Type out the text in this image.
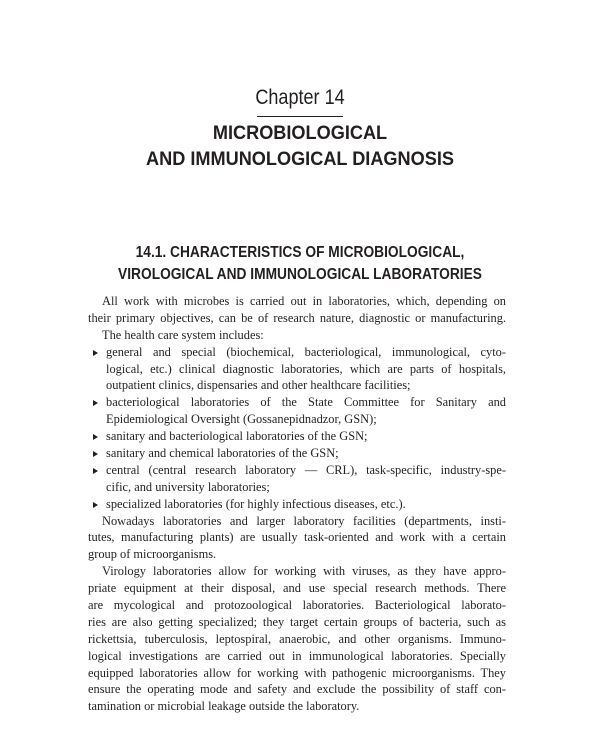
Chapter 14
MICROBIOLOGICAL
AND IMMUNOLOGICAL DIAGNOSIS
14.1. CHARACTERISTICS OF MICROBIOLOGICAL,
VIROLOGICAL AND IMMUNOLOGICAL LABORATORIES
All work with microbes is carried out in laboratories, which, depending on
their primary objectives, can be of research nature, diagnostic or manufacturing.
The health care system includes:
general and special (biochemical, bacteriological, immunological, cyto-
logical, etc.) clinical diagnostic laboratories, which are parts of hospitals,
outpatient clinics, dispensaries and other healthcare facilities;
bacteriological laboratories of the State Committee for Sanitary and
Epidemiological Oversight (Gossanepidnadzor, GSN);
sanitary and bacteriological laboratories of the GSN;
sanitary and chemical laboratories of the GSN;
central (central research laboratory — CRL), task-specific, industry-spe-
cific, and university laboratories;
specialized laboratories (for highly infectious diseases, etc.).
Nowadays laboratories and larger laboratory facilities (departments, insti-
tutes, manufacturing plants) are usually task-oriented and work with a certain
group of microorganisms.
Virology laboratories allow for working with viruses, as they have appro-
priate equipment at their disposal, and use special research methods. There
are mycological and protozoological laboratories. Bacteriological laborato-
ries are also getting specialized; they target certain groups of bacteria, such as
rickettsia, tuberculosis, leptospiral, anaerobic, and other organisms. Immuno-
logical investigations are carried out in immunological laboratories. Specially
equipped laboratories allow for working with pathogenic microorganisms. They
ensure the operating mode and safety and exclude the possibility of staff con-
tamination or microbial leakage outside the laboratory.
